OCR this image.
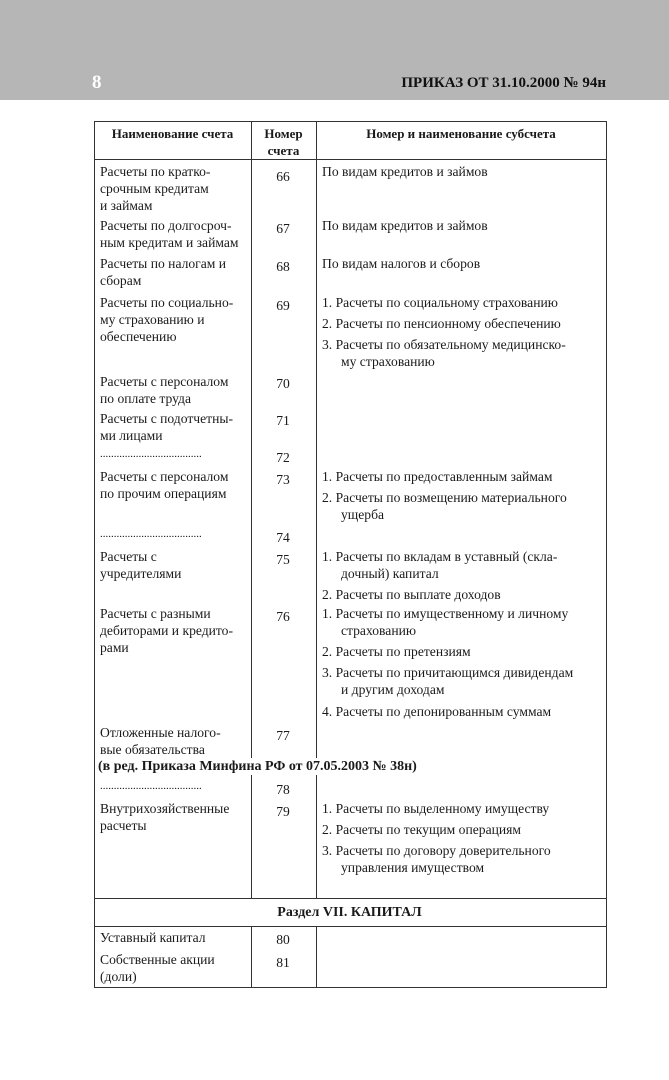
8	ПРИКАЗ ОТ 31.10.2000 № 94н
Наименование счета	Номер
счета
Номер и наименование субсчета
Расчеты по кратко-
срочным кредитам
и займам
66	По видам кредитов и займов
Расчеты по долгосроч-
ным кредитам и займам
67	По видам кредитов и займов
Расчеты по налогам и
сборам
68	По видам налогов и сборов
Расчеты по социально-
му страхованию и
обеспечению
69	1. Расчеты по социальному страхованию
2. Расчеты по пенсионному обеспечению
3. Расчеты по обязательному медицинско-
му страхованию
Расчеты с персоналом
по оплате труда
70
Расчеты с подотчетны-
ми лицами
71
.....................................	72
Расчеты с персоналом
по прочим операциям
73	1. Расчеты по предоставленным займам
2. Расчеты по возмещению материального
ущерба
.....................................	74
Расчеты с
учредителями
75	1. Расчеты по вкладам в уставный (скла-
дочный) капитал
2. Расчеты по выплате доходов
Расчеты с разными
дебиторами и кредито-
рами
76	1. Расчеты по имущественному и личному
страхованию
2. Расчеты по претензиям
3. Расчеты по причитающимся дивидендам
и другим доходам
4. Расчеты по депонированным суммам
Отложенные налого-
вые обязательства
77
(в ред. Приказа Минфина РФ от 07.05.2003 № 38н)
.....................................	78
Внутрихозяйственные
расчеты
79	1. Расчеты по выделенному имуществу
2. Расчеты по текущим операциям
3. Расчеты по договору доверительного
управления имуществом
Раздел VII. КАПИТАЛ
Уставный капитал	80
Собственные акции
(доли)
81
